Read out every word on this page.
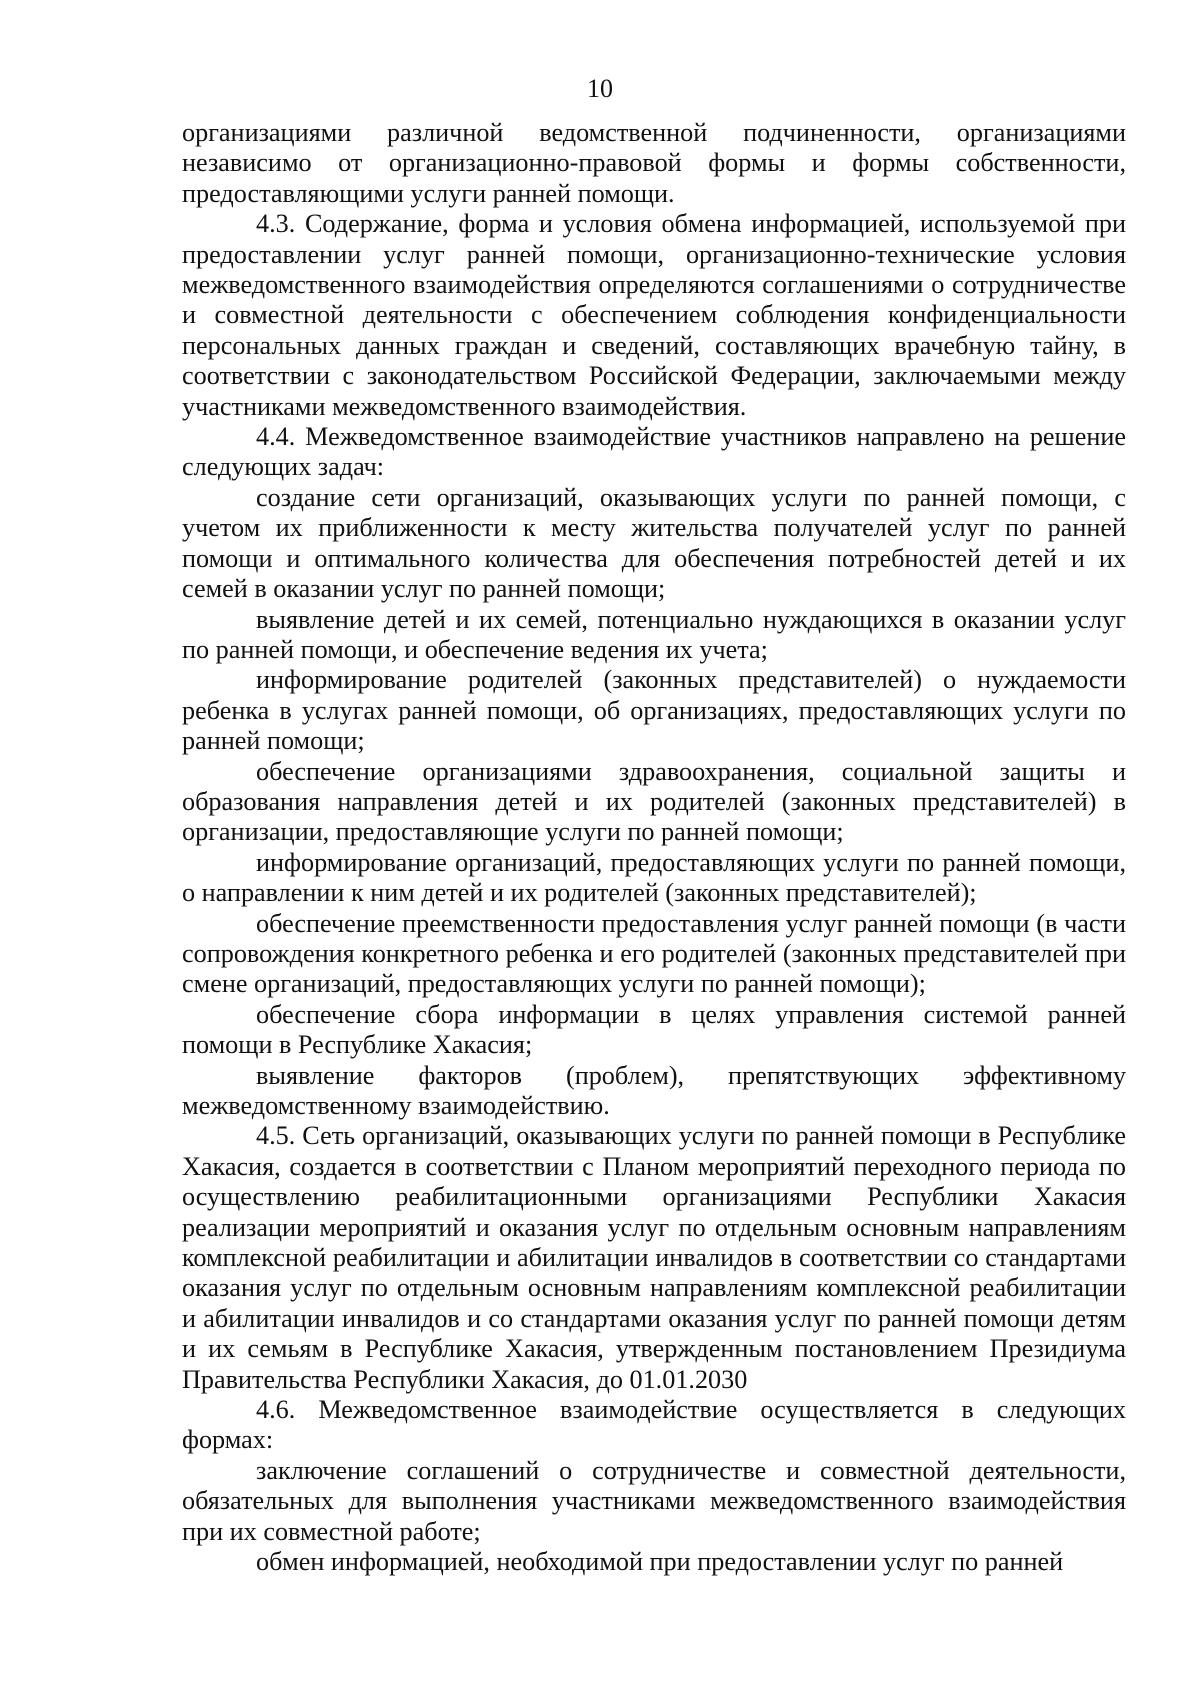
10

организациями различной ведомственной подчиненности, организациями независимо от организационно-правовой формы и формы собственности, предоставляющими услуги ранней помощи.

4.3. Содержание, форма и условия обмена информацией, используемой при предоставлении услуг ранней помощи, организационно-технические условия межведомственного взаимодействия определяются соглашениями о сотрудничестве и совместной деятельности с обеспечением соблюдения конфиденциальности персональных данных граждан и сведений, составляющих врачебную тайну, в соответствии с законодательством Российской Федерации, заключаемыми между участниками межведомственного взаимодействия.

4.4. Межведомственное взаимодействие участников направлено на решение следующих задач:

создание сети организаций, оказывающих услуги по ранней помощи, с учетом их приближенности к месту жительства получателей услуг по ранней помощи и оптимального количества для обеспечения потребностей детей и их семей в оказании услуг по ранней помощи;

выявление детей и их семей, потенциально нуждающихся в оказании услуг по ранней помощи, и обеспечение ведения их учета;

информирование родителей (законных представителей) о нуждаемости ребенка в услугах ранней помощи, об организациях, предоставляющих услуги по ранней помощи;

обеспечение организациями здравоохранения, социальной защиты и образования направления детей и их родителей (законных представителей) в организации, предоставляющие услуги по ранней помощи;

информирование организаций, предоставляющих услуги по ранней помощи, о направлении к ним детей и их родителей (законных представителей);

обеспечение преемственности предоставления услуг ранней помощи (в части сопровождения конкретного ребенка и его родителей (законных представителей при смене организаций, предоставляющих услуги по ранней помощи);

обеспечение сбора информации в целях управления системой ранней помощи в Республике Хакасия;

выявление факторов (проблем), препятствующих эффективному межведомственному взаимодействию.

4.5. Сеть организаций, оказывающих услуги по ранней помощи в Республике Хакасия, создается в соответствии с Планом мероприятий переходного периода по осуществлению реабилитационными организациями Республики Хакасия реализации мероприятий и оказания услуг по отдельным основным направлениям комплексной реабилитации и абилитации инвалидов в соответствии со стандартами оказания услуг по отдельным основным направлениям комплексной реабилитации и абилитации инвалидов и со стандартами оказания услуг по ранней помощи детям и их семьям в Республике Хакасия, утвержденным постановлением Президиума Правительства Республики Хакасия, до 01.01.2030

4.6. Межведомственное взаимодействие осуществляется в следующих формах:

заключение соглашений о сотрудничестве и совместной деятельности, обязательных для выполнения участниками межведомственного взаимодействия при их совместной работе;

обмен информацией, необходимой при предоставлении услуг по ранней
